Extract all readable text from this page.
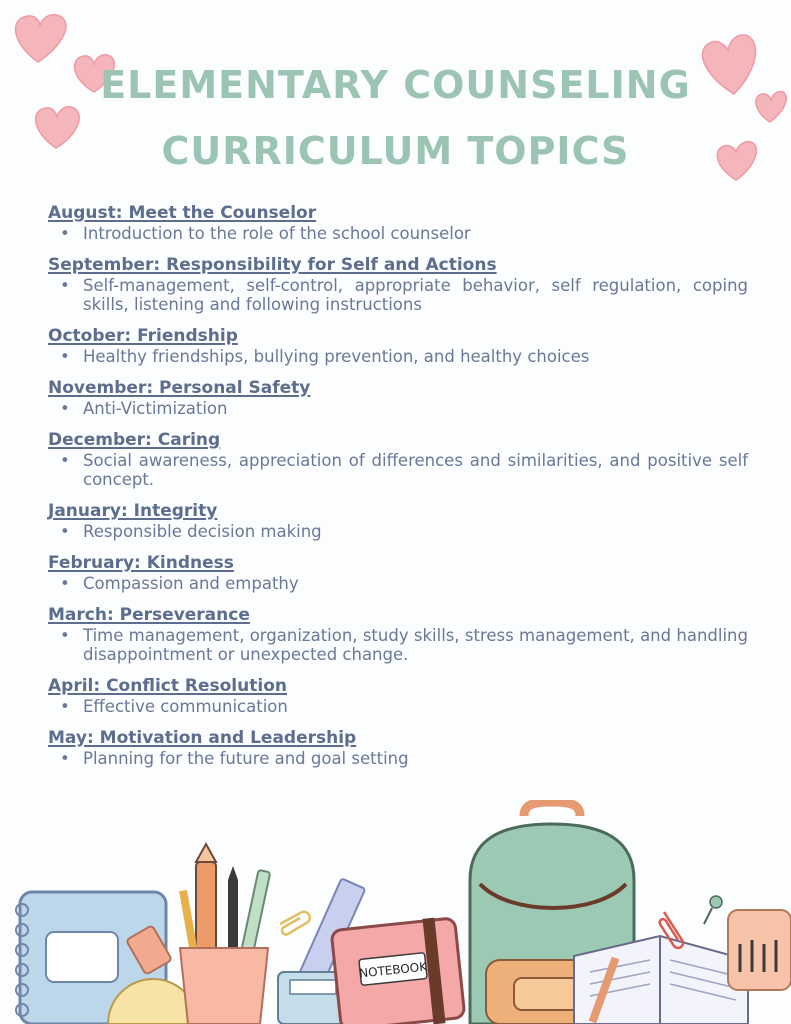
ELEMENTARY COUNSELING
CURRICULUM TOPICS
August: Meet the Counselor
• Introduction to the role of the school counselor
September: Responsibility for Self and Actions
• Self-management, self-control, appropriate behavior, self regulation, coping skills, listening and following instructions
October: Friendship
• Healthy friendships, bullying prevention, and healthy choices
November: Personal Safety
• Anti-Victimization
December: Caring
• Social awareness, appreciation of differences and similarities, and positive self concept.
January: Integrity
• Responsible decision making
February: Kindness
• Compassion and empathy
March: Perseverance
• Time management, organization, study skills, stress management, and handling disappointment or unexpected change.
April: Conflict Resolution
• Effective communication
May: Motivation and Leadership
• Planning for the future and goal setting
NOTEBOOK
